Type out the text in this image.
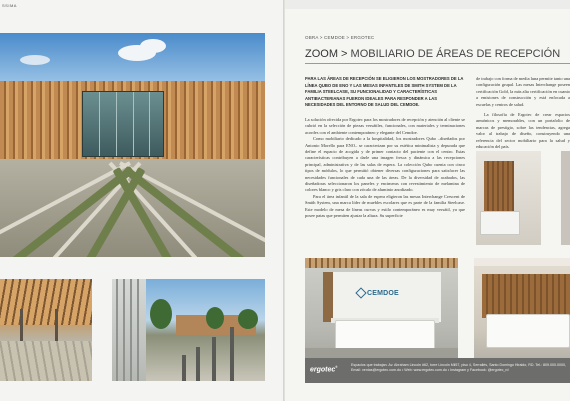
SSIMA
OBRA > CEMDOE > ERGOTEC
ZOOM > MOBILIARIO DE ÁREAS DE RECEPCIÓN
PARA LAS ÁREAS DE RECEPCIÓN SE ELIGIERON LOS MOSTRADORES DE LA LÍNEA QUBO DE ENO Y LAS MESAS INFANTILES DE SMITH SYSTEM DE LA FAMILIA STEELCASE, SU FUNCIONALIDAD Y CARACTERÍSTICAS ANTIBACTERIANAS FUERON IDEALES PARA RESPONDER A LAS NECESIDADES DEL ENTORNO DE SALUD DEL CEMDOE.

La solución ofrecida por Ergotec para los mostradores de recepción y atención al cliente se cubrió en la selección de piezas versátiles, funcionales, con materiales y terminaciones acordes con el ambiente contemporáneo y elegante del Cemdoe.

Como mobiliario dedicado a la hospitalidad, los mostradores Qubo –diseñados por Antonio Morello para ENO– se caracterizan por su estética minimalista y depurada que define el espacio de acogida y de primer contacto del paciente con el centro. Estas características contribuyen a darle una imagen fresca y dinámica a las recepciones principal, administrativa y de las salas de espera. La colección Qubo cuenta con cinco tipos de módulos, lo que permitió obtener diversas configuraciones para satisfacer las necesidades funcionales de cada una de las áreas. De la diversidad de acabados, las diseñadoras seleccionaron los paneles y encimeras con revestimiento de melamina de colores blanco y gris claro con zócalo de aluminio anodizado.

Para el área infantil de la sala de espera eligieron las mesas Interchange Crescent de Smith System, una marca líder de muebles escolares que es parte de la familia Steelcase. Este modelo de mesa de líneas curvas y estilo contemporáneo es muy versátil, ya que posee patas que permiten ajustar la altura. Su superficie

de trabajo con forma de media luna permite tanto una configuración grupal. Las mesas Interchange poseen certificación Gold, la más alta certificación en cuanto a emisiones de construcción y está enfocada a escuelas y centros de salud.

La filosofía de Ergotec de crear espacios armónicos y memorables, con un portafolio de marcas de prestigio, sobre las tendencias, agrega valor al trabajo de diseño, construyendo una referencia del sector mobiliario para la salud y educación del país.

CEMDOE
ergotec®	Espacios que trabajan. Av. Abraham Lincoln #62, torre Lincoln Mil57, piso 4, Serrallés, Santo Domingo Hiraldo, RD. Tel.: 809.000.0000, Email: ventas@ergotec.com.do • Web: www.ergotec.com.do • Instagram y Facebook: @ergotec_rd
